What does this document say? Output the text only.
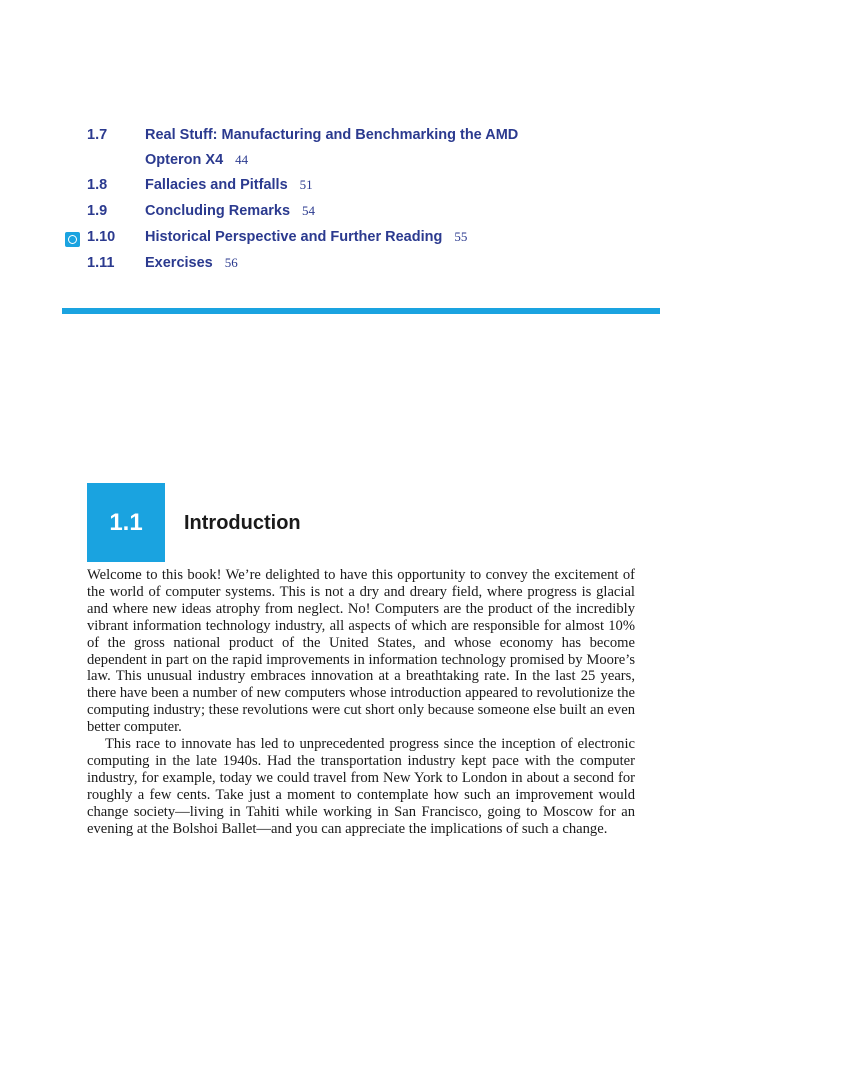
1.7	Real Stuff: Manufacturing and Benchmarking the AMD
Opteron X4 44
1.8	Fallacies and Pitfalls 51
1.9	Concluding Remarks 54
1.10 Historical Perspective and Further Reading 55
1.11 Exercises 56
1.1 Introduction

Welcome to this book! We’re delighted to have this opportunity to convey the excitement of the world of computer systems. This is not a dry and dreary field, where progress is glacial and where new ideas atrophy from neglect. No! Computers are the product of the incredibly vibrant information technology industry, all aspects of which are responsible for almost 10% of the gross national product of the United States, and whose economy has become dependent in part on the rapid improvements in information technology promised by Moore’s law. This unusual industry embraces innovation at a breathtaking rate. In the last 25 years, there have been a number of new computers whose introduction appeared to revolutionize the computing industry; these revolutions were cut short only because someone else built an even better computer.

This race to innovate has led to unprecedented progress since the inception of electronic computing in the late 1940s. Had the transportation industry kept pace with the computer industry, for example, today we could travel from New York to London in about a second for roughly a few cents. Take just a moment to contemplate how such an improvement would change society—living in Tahiti while working in San Francisco, going to Moscow for an evening at the Bolshoi Ballet—and you can appreciate the implications of such a change.
